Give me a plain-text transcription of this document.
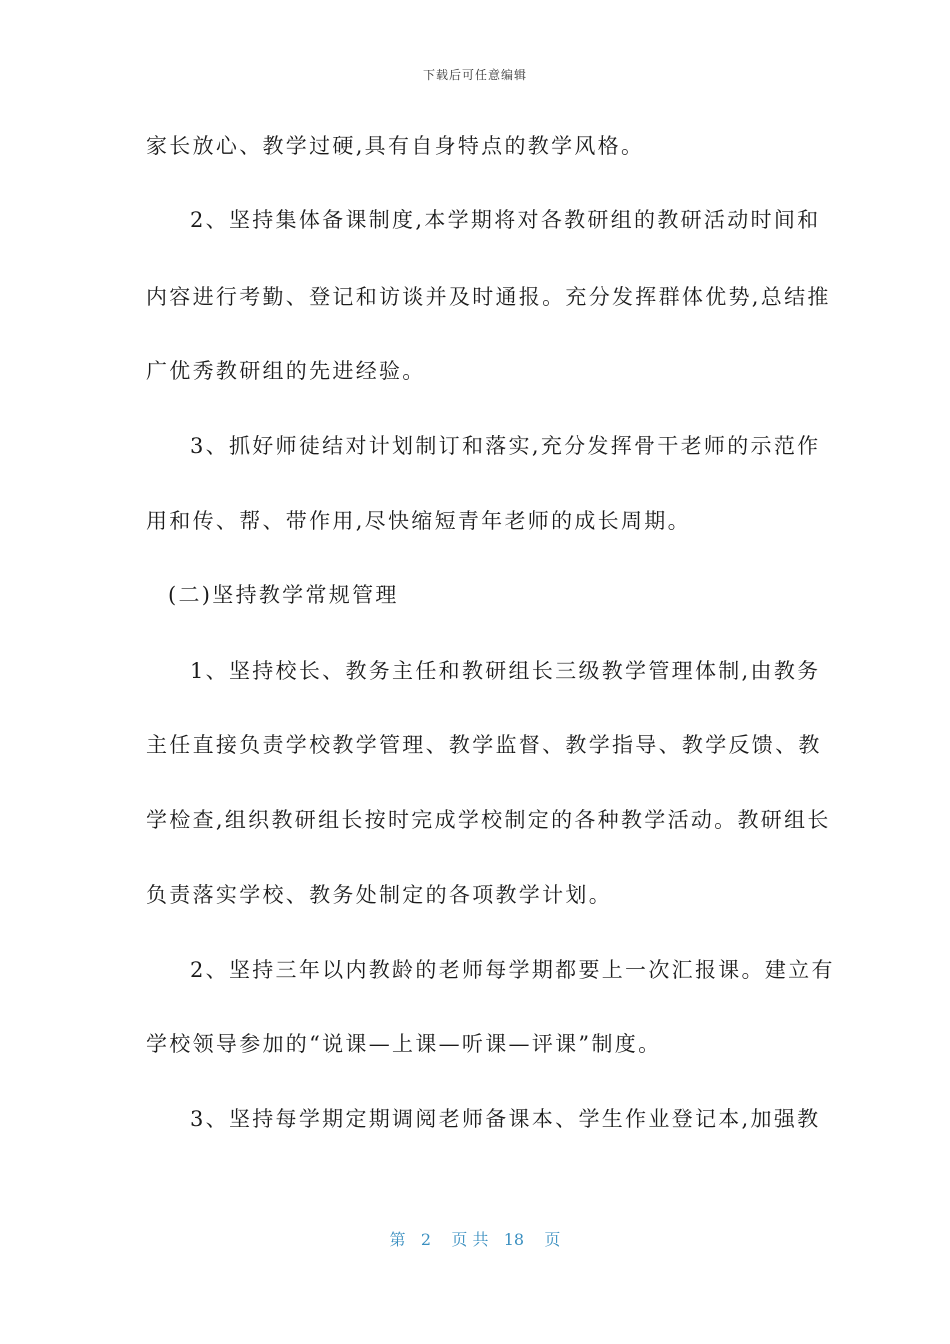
下载后可任意编辑
家长放心、教学过硬,具有自身特点的教学风格。
2、坚持集体备课制度,本学期将对各教研组的教研活动时间和
内容进行考勤、登记和访谈并及时通报。充分发挥群体优势,总结推
广优秀教研组的先进经验。
3、抓好师徒结对计划制订和落实,充分发挥骨干老师的示范作
用和传、帮、带作用,尽快缩短青年老师的成长周期。
(二)坚持教学常规管理
1、坚持校长、教务主任和教研组长三级教学管理体制,由教务
主任直接负责学校教学管理、教学监督、教学指导、教学反馈、教
学检查,组织教研组长按时完成学校制定的各种教学活动。教研组长
负责落实学校、教务处制定的各项教学计划。
2、坚持三年以内教龄的老师每学期都要上一次汇报课。建立有
学校领导参加的“说课—上课—听课—评课”制度。
3、坚持每学期定期调阅老师备课本、学生作业登记本,加强教
第 2 页 共 18 页
